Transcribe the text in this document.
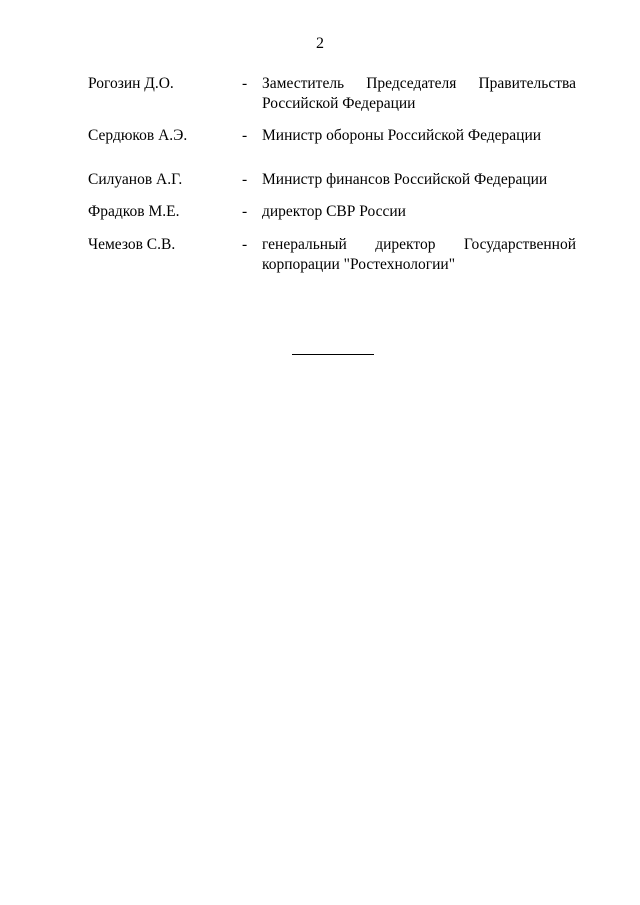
2
Рогозин Д.О.	- Заместитель Председателя Правительства Российской Федерации
Сердюков А.Э.	- Министр обороны Российской Федерации
Силуанов А.Г.	- Министр финансов Российской Федерации
Фрадков М.Е.	- директор СВР России
Чемезов С.В.	- генеральный директор Государственной корпорации "Ростехнологии"
